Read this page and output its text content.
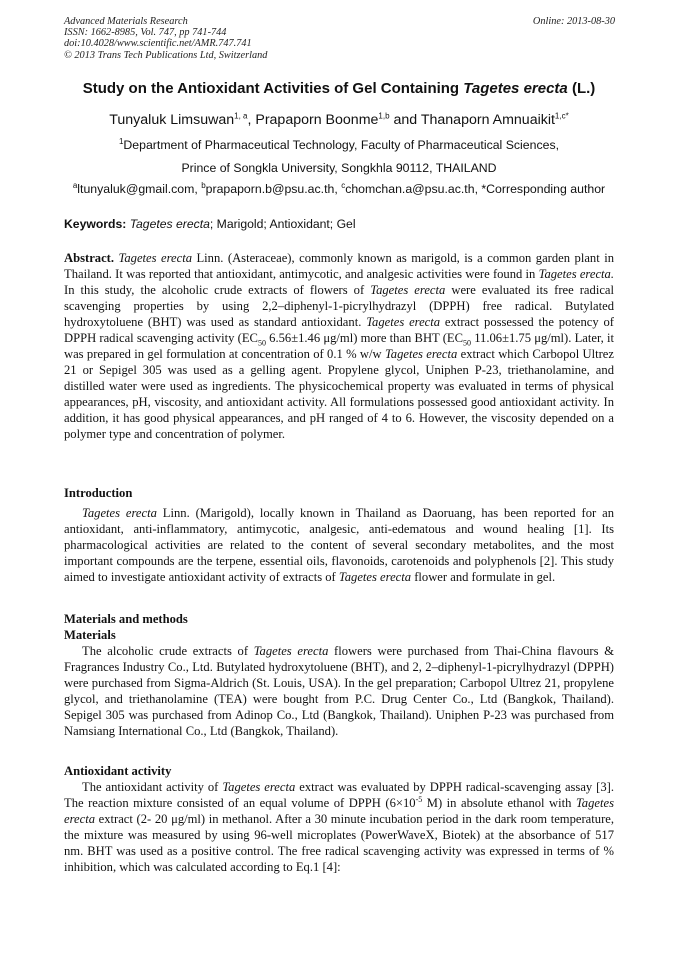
Advanced Materials Research
ISSN: 1662-8985, Vol. 747, pp 741-744
doi:10.4028/www.scientific.net/AMR.747.741
© 2013 Trans Tech Publications Ltd, Switzerland
Online: 2013-08-30
Study on the Antioxidant Activities of Gel Containing Tagetes erecta (L.)
Tunyaluk Limsuwan$^{1, a}$, Prapaporn Boonme$^{1,b}$ and Thanaporn Amnuaikit$^{1,c*}$
$^1$Department of Pharmaceutical Technology, Faculty of Pharmaceutical Sciences,
Prince of Songkla University, Songkhla 90112, THAILAND
$^a$ltunyaluk@gmail.com, $^b$prapaporn.b@psu.ac.th, $^c$chomchan.a@psu.ac.th, *Corresponding author
Keywords: Tagetes erecta; Marigold; Antioxidant; Gel

Abstract. Tagetes erecta Linn. (Asteraceae), commonly known as marigold, is a common garden plant in Thailand. It was reported that antioxidant, antimycotic, and analgesic activities were found in Tagetes erecta. In this study, the alcoholic crude extracts of flowers of Tagetes erecta were evaluated its free radical scavenging properties by using 2,2–diphenyl-1-picrylhydrazyl (DPPH) free radical. Butylated hydroxytoluene (BHT) was used as standard antioxidant. Tagetes erecta extract possessed the potency of DPPH radical scavenging activity ($EC_{50}$ 6.56±1.46 μg/ml) more than BHT ($EC_{50}$ 11.06±1.75 μg/ml). Later, it was prepared in gel formulation at concentration of 0.1 % w/w Tagetes erecta extract which Carbopol Ultrez 21 or Sepigel 305 was used as a gelling agent. Propylene glycol, Uniphen P-23, triethanolamine, and distilled water were used as ingredients. The physicochemical property was evaluated in terms of physical appearances, pH, viscosity, and antioxidant activity. All formulations possessed good antioxidant activity. In addition, it has good physical appearances, and pH ranged of 4 to 6. However, the viscosity depended on a polymer type and concentration of polymer.

Introduction

Tagetes erecta Linn. (Marigold), locally known in Thailand as Daoruang, has been reported for an antioxidant, anti-inflammatory, antimycotic, analgesic, anti-edematous and wound healing [1]. Its pharmacological activities are related to the content of several secondary metabolites, and the most important compounds are the terpene, essential oils, flavonoids, carotenoids and polyphenols [2]. This study aimed to investigate antioxidant activity of extracts of Tagetes erecta flower and formulate in gel.

Materials and methods
Materials

The alcoholic crude extracts of Tagetes erecta flowers were purchased from Thai-China flavours & Fragrances Industry Co., Ltd. Butylated hydroxytoluene (BHT), and 2, 2–diphenyl-1-picrylhydrazyl (DPPH) were purchased from Sigma-Aldrich (St. Louis, USA). In the gel preparation; Carbopol Ultrez 21, propylene glycol, and triethanolamine (TEA) were bought from P.C. Drug Center Co., Ltd (Bangkok, Thailand). Sepigel 305 was purchased from Adinop Co., Ltd (Bangkok, Thailand). Uniphen P-23 was purchased from Namsiang International Co., Ltd (Bangkok, Thailand).

Antioxidant activity

The antioxidant activity of Tagetes erecta extract was evaluated by DPPH radical-scavenging assay [3]. The reaction mixture consisted of an equal volume of DPPH ($6\times 10^{-5}$ M) in absolute ethanol with Tagetes erecta extract (2- 20 μg/ml) in methanol. After a 30 minute incubation period in the dark room temperature, the mixture was measured by using 96-well microplates (PowerWaveX, Biotek) at the absorbance of 517 nm. BHT was used as a positive control. The free radical scavenging activity was expressed in terms of % inhibition, which was calculated according to Eq.1 [4]:
